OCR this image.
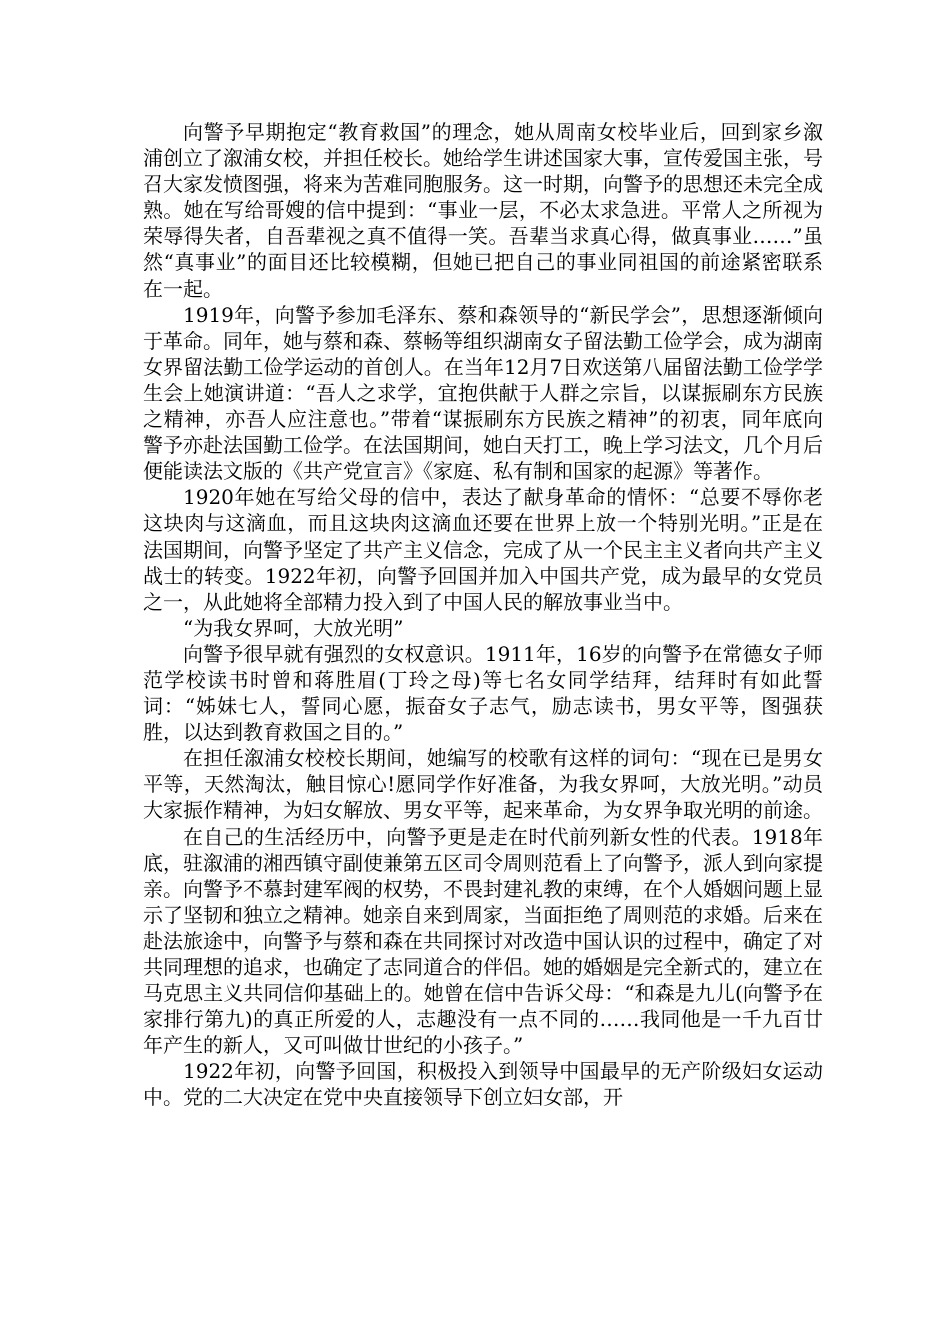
向警予早期抱定“教育救国”的理念，她从周南女校毕业后，回到家乡溆浦创立了溆浦女校，并担任校长。她给学生讲述国家大事，宣传爱国主张，号召大家发愤图强，将来为苦难同胞服务。这一时期，向警予的思想还未完全成熟。她在写给哥嫂的信中提到：“事业一层，不必太求急进。平常人之所视为荣辱得失者，自吾辈视之真不值得一笑。吾辈当求真心得，做真事业……”虽然“真事业”的面目还比较模糊，但她已把自己的事业同祖国的前途紧密联系在一起。

1919年，向警予参加毛泽东、蔡和森领导的“新民学会”，思想逐渐倾向于革命。同年，她与蔡和森、蔡畅等组织湖南女子留法勤工俭学会，成为湖南女界留法勤工俭学运动的首创人。在当年12月7日欢送第八届留法勤工俭学学生会上她演讲道：“吾人之求学，宜抱供献于人群之宗旨，以谋振刷东方民族之精神，亦吾人应注意也。”带着“谋振刷东方民族之精神”的初衷，同年底向警予亦赴法国勤工俭学。在法国期间，她白天打工，晚上学习法文，几个月后便能读法文版的《共产党宣言》《家庭、私有制和国家的起源》等著作。

1920年她在写给父母的信中，表达了献身革命的情怀：“总要不辱你老这块肉与这滴血，而且这块肉这滴血还要在世界上放一个特别光明。”正是在法国期间，向警予坚定了共产主义信念，完成了从一个民主主义者向共产主义战士的转变。1922年初，向警予回国并加入中国共产党，成为最早的女党员之一，从此她将全部精力投入到了中国人民的解放事业当中。

“为我女界呵，大放光明”

向警予很早就有强烈的女权意识。1911年，16岁的向警予在常德女子师范学校读书时曾和蒋胜眉(丁玲之母)等七名女同学结拜，结拜时有如此誓词：“姊妹七人，誓同心愿，振奋女子志气，励志读书，男女平等，图强获胜，以达到教育救国之目的。”

在担任溆浦女校校长期间，她编写的校歌有这样的词句：“现在已是男女平等，天然淘汰，触目惊心!愿同学作好准备，为我女界呵，大放光明。”动员大家振作精神，为妇女解放、男女平等，起来革命，为女界争取光明的前途。

在自己的生活经历中，向警予更是走在时代前列新女性的代表。1918年底，驻溆浦的湘西镇守副使兼第五区司令周则范看上了向警予，派人到向家提亲。向警予不慕封建军阀的权势，不畏封建礼教的束缚，在个人婚姻问题上显示了坚韧和独立之精神。她亲自来到周家，当面拒绝了周则范的求婚。后来在赴法旅途中，向警予与蔡和森在共同探讨对改造中国认识的过程中，确定了对共同理想的追求，也确定了志同道合的伴侣。她的婚姻是完全新式的，建立在马克思主义共同信仰基础上的。她曾在信中告诉父母：“和森是九儿(向警予在家排行第九)的真正所爱的人，志趣没有一点不同的……我同他是一千九百廿年产生的新人，又可叫做廿世纪的小孩子。”

1922年初，向警予回国，积极投入到领导中国最早的无产阶级妇女运动中。党的二大决定在党中央直接领导下创立妇女部，开
